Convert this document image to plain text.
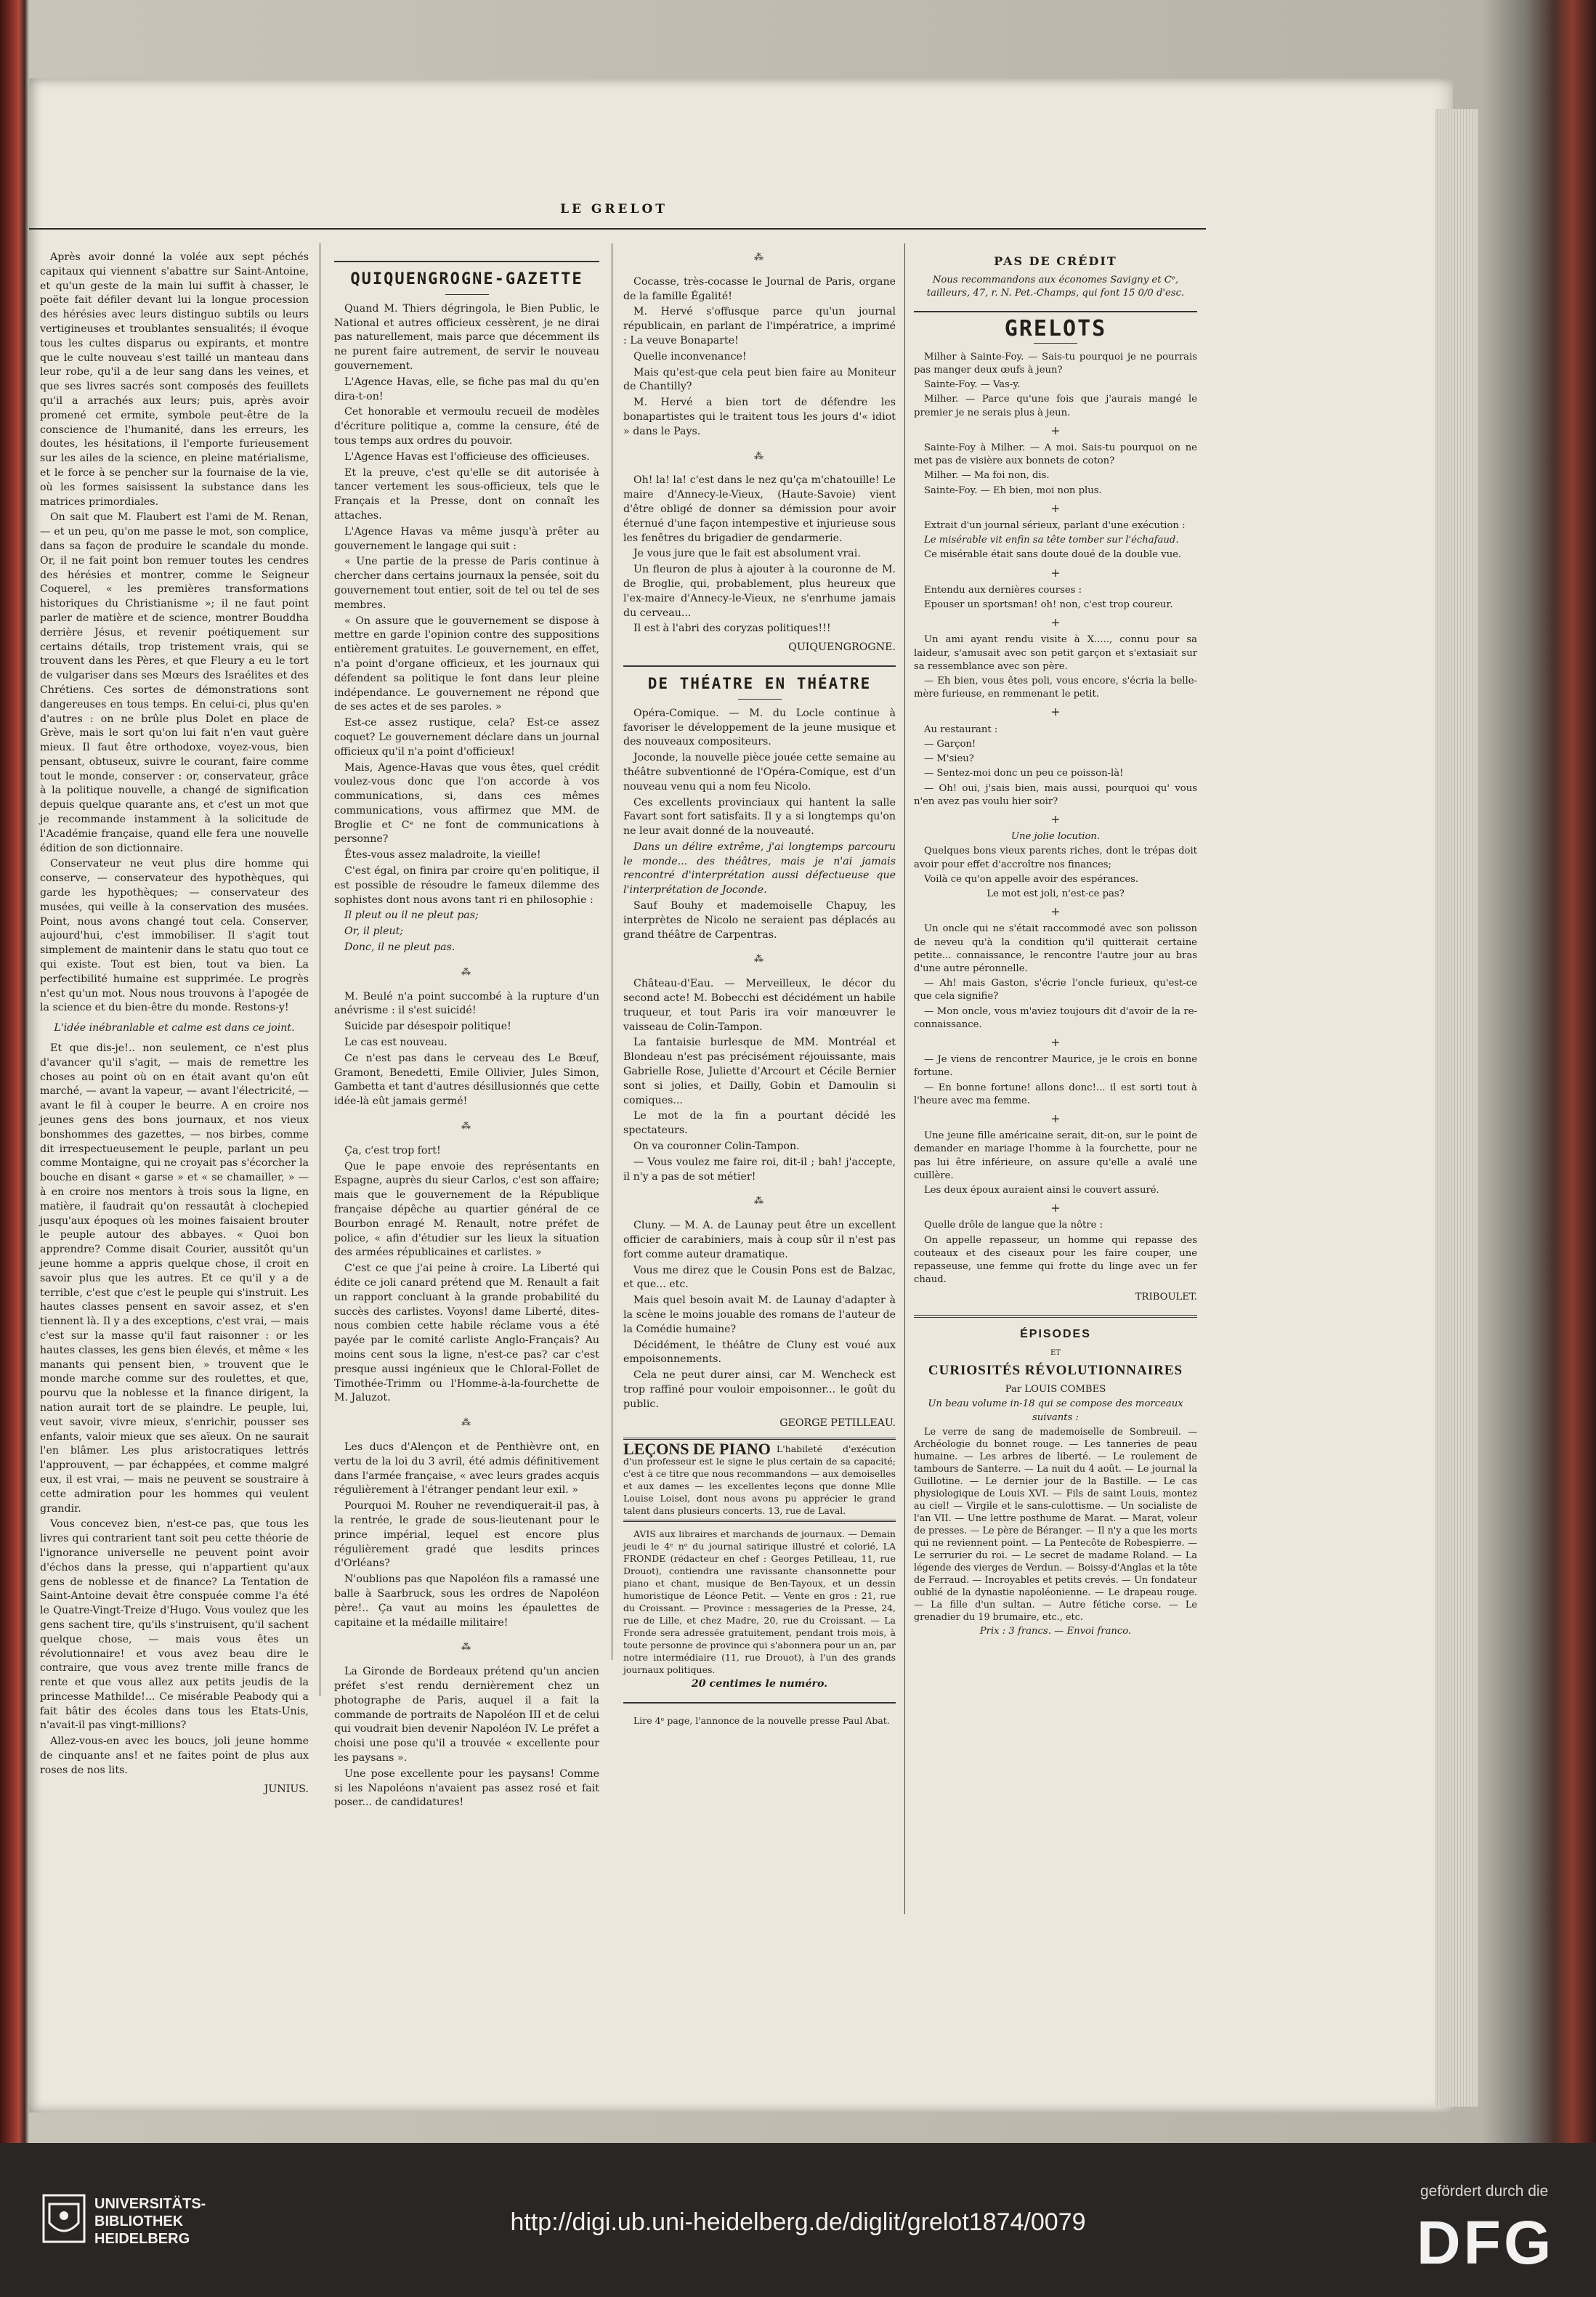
LE GRELOT

Après avoir donné la volée aux sept péchés capitaux qui viennent s'abattre sur Saint-Antoine, et qu'un geste de la main lui suffit à chasser, le poëte fait défiler devant lui la longue procession des hérésies avec leurs distinguo subtils ou leurs vertigineuses et troublantes sensualités; il évoque tous les cultes disparus ou expirants, et montre que le culte nouveau s'est taillé un manteau dans leur robe, qu'il a de leur sang dans les veines, et que ses livres sacrés sont composés des feuillets qu'il a arrachés aux leurs; puis, après avoir promené cet ermite, symbole peut-être de la conscience de l'humanité, dans les erreurs, les doutes, les hésitations, il l'emporte furieusement sur les ailes de la science, en pleine matérialisme, et le force à se pencher sur la fournaise de la vie, où les formes saisissent la substance dans les matrices primordiales.

On sait que M. Flaubert est l'ami de M. Renan, — et un peu, qu'on me passe le mot, son complice, dans sa façon de produire le scandale du monde. Or, il ne fait point bon remuer toutes les cendres des hérésies et montrer, comme le Seigneur Coquerel, « les premières transformations historiques du Christianisme »; il ne faut point parler de matière et de science, montrer Bouddha derrière Jésus, et revenir poétiquement sur certains détails, trop tristement vrais, qui se trouvent dans les Pères, et que Fleury a eu le tort de vulgariser dans ses Mœurs des Israélites et des Chrétiens. Ces sortes de démonstrations sont dangereuses en tous temps. En celui-ci, plus qu'en d'autres : on ne brûle plus Dolet en place de Grève, mais le sort qu'on lui fait n'en vaut guère mieux. Il faut être orthodoxe, voyez-vous, bien pensant, obtuseux, suivre le courant, faire comme tout le monde, conserver : or, conservateur, grâce à la politique nouvelle, a changé de signification depuis quelque quarante ans, et c'est un mot que je recommande instamment à la solicitude de l'Académie française, quand elle fera une nouvelle édition de son dictionnaire.

Conservateur ne veut plus dire homme qui conserve, — conservateur des hypothèques, qui garde les hypothèques; — conservateur des musées, qui veille à la conservation des musées. Point, nous avons changé tout cela. Conserver, aujourd'hui, c'est immobiliser. Il s'agit tout simplement de maintenir dans le statu quo tout ce qui existe. Tout est bien, tout va bien. La perfectibilité humaine est supprimée. Le progrès n'est qu'un mot. Nous nous trouvons à l'apogée de la science et du bien-être du monde. Restons-y!

L'idée inébranlable et calme est dans ce joint.

Et que dis-je!.. non seulement, ce n'est plus d'avancer qu'il s'agit, — mais de remettre les choses au point où on en était avant qu'on eût marché, — avant la vapeur, — avant l'électricité, — avant le fil à couper le beurre. A en croire nos jeunes gens des bons journaux, et nos vieux bonshommes des gazettes, — nos birbes, comme dit irrespectueusement le peuple, parlant un peu comme Montaigne, qui ne croyait pas s'écorcher la bouche en disant « garse » et « se chamailler, » — à en croire nos mentors à trois sous la ligne, en matière, il faudrait qu'on ressautât à clochepied jusqu'aux époques où les moines faisaient brouter le peuple autour des abbayes. « Quoi bon apprendre? Comme disait Courier, aussitôt qu'un jeune homme a appris quelque chose, il croit en savoir plus que les autres. Et ce qu'il y a de terrible, c'est que c'est le peuple qui s'instruit. Les hautes classes pensent en savoir assez, et s'en tiennent là. Il y a des exceptions, c'est vrai, — mais c'est sur la masse qu'il faut raisonner : or les hautes classes, les gens bien élevés, et même « les manants qui pensent bien, » trouvent que le monde marche comme sur des roulettes, et que, pourvu que la noblesse et la finance dirigent, la nation aurait tort de se plaindre. Le peuple, lui, veut savoir, vivre mieux, s'enrichir, pousser ses enfants, valoir mieux que ses aïeux. On ne saurait l'en blâmer. Les plus aristocratiques lettrés l'approuvent, — par échappées, et comme malgré eux, il est vrai, — mais ne peuvent se soustraire à cette admiration pour les hommes qui veulent grandir.

Vous concevez bien, n'est-ce pas, que tous les livres qui contrarient tant soit peu cette théorie de l'ignorance universelle ne peuvent point avoir d'échos dans la presse, qui n'appartient qu'aux gens de noblesse et de finance? La Tentation de Saint-Antoine devait être conspuée comme l'a été le Quatre-Vingt-Treize d'Hugo. Vous voulez que les gens sachent tire, qu'ils s'instruisent, qu'il sachent quelque chose, — mais vous êtes un révolutionnaire! et vous avez beau dire le contraire, que vous avez trente mille francs de rente et que vous allez aux petits jeudis de la princesse Mathilde!... Ce misérable Peabody qui a fait bâtir des écoles dans tous les Etats-Unis, n'avait-il pas vingt-millions?

Allez-vous-en avec les boucs, joli jeune homme de cinquante ans! et ne faites point de plus aux roses de nos lits.

JUNIUS.

QUIQUENGROGNE-GAZETTE

Quand M. Thiers dégringola, le Bien Public, le National et autres officieux cessèrent, je ne dirai pas naturellement, mais parce que décemment ils ne purent faire autrement, de servir le nouveau gouvernement.

L'Agence Havas, elle, se fiche pas mal du qu'en dira-t-on!

Cet honorable et vermoulu recueil de modèles d'écriture politique a, comme la censure, été de tous temps aux ordres du pouvoir.

L'Agence Havas est l'officieuse des officieuses.

Et la preuve, c'est qu'elle se dit autorisée à tancer vertement les sous-officieux, tels que le Français et la Presse, dont on connaît les attaches.

L'Agence Havas va même jusqu'à prêter au gouvernement le langage qui suit :

« Une partie de la presse de Paris continue à chercher dans certains journaux la pensée, soit du gouvernement tout entier, soit de tel ou tel de ses membres.

« On assure que le gouvernement se dispose à mettre en garde l'opinion contre des suppositions entièrement gratuites. Le gouvernement, en effet, n'a point d'organe officieux, et les journaux qui défendent sa politique le font dans leur pleine indépendance. Le gouvernement ne répond que de ses actes et de ses paroles. »

Est-ce assez rustique, cela? Est-ce assez coquet? Le gouvernement déclare dans un journal officieux qu'il n'a point d'officieux!

Mais, Agence-Havas que vous êtes, quel crédit voulez-vous donc que l'on accorde à vos communications, si, dans ces mêmes communications, vous affirmez que MM. de Broglie et Cᵉ ne font de communications à personne?

Êtes-vous assez maladroite, la vieille!

C'est égal, on finira par croire qu'en politique, il est possible de résoudre le fameux dilemme des sophistes dont nous avons tant ri en philosophie :

Il pleut ou il ne pleut pas;

Or, il pleut;

Donc, il ne pleut pas.

⁂

M. Beulé n'a point succombé à la rupture d'un anévrisme : il s'est suicidé!

Suicide par désespoir politique!

Le cas est nouveau.

Ce n'est pas dans le cerveau des Le Bœuf, Gramont, Benedetti, Emile Ollivier, Jules Simon, Gambetta et tant d'autres désillusionnés que cette idée-là eût jamais germé!

⁂

Ça, c'est trop fort!

Que le pape envoie des représentants en Espagne, auprès du sieur Carlos, c'est son affaire; mais que le gouvernement de la République française dépêche au quartier général de ce Bourbon enragé M. Renault, notre préfet de police, « afin d'étudier sur les lieux la situation des armées républicaines et carlistes. »

C'est ce que j'ai peine à croire. La Liberté qui édite ce joli canard prétend que M. Renault a fait un rapport concluant à la grande probabilité du succès des carlistes. Voyons! dame Liberté, dites-nous combien cette habile réclame vous a été payée par le comité carliste Anglo-Français? Au moins cent sous la ligne, n'est-ce pas? car c'est presque aussi ingénieux que le Chloral-Follet de Timothée-Trimm ou l'Homme-à-la-fourchette de M. Jaluzot.

⁂

Les ducs d'Alençon et de Penthièvre ont, en vertu de la loi du 3 avril, été admis définitivement dans l'armée française, « avec leurs grades acquis régulièrement à l'étranger pendant leur exil. »

Pourquoi M. Rouher ne revendiquerait-il pas, à la rentrée, le grade de sous-lieutenant pour le prince impérial, lequel est encore plus régulièrement gradé que lesdits princes d'Orléans?

N'oublions pas que Napoléon fils a ramassé une balle à Saarbruck, sous les ordres de Napoléon père!.. Ça vaut au moins les épaulettes de capitaine et la médaille militaire!

⁂

La Gironde de Bordeaux prétend qu'un ancien préfet s'est rendu dernièrement chez un photographe de Paris, auquel il a fait la commande de portraits de Napoléon III et de celui qui voudrait bien devenir Napoléon IV. Le préfet a choisi une pose qu'il a trouvée « excellente pour les paysans ».

Une pose excellente pour les paysans! Comme si les Napoléons n'avaient pas assez rosé et fait poser... de candidatures!

⁂

Cocasse, très-cocasse le Journal de Paris, organe de la famille Égalité!

M. Hervé s'offusque parce qu'un journal républicain, en parlant de l'impératrice, a imprimé : La veuve Bonaparte!

Quelle inconvenance!

Mais qu'est-que cela peut bien faire au Moniteur de Chantilly?

M. Hervé a bien tort de défendre les bonapartistes qui le traitent tous les jours d'« idiot » dans le Pays.

⁂

Oh! la! la! c'est dans le nez qu'ça m'chatouille! Le maire d'Annecy-le-Vieux, (Haute-Savoie) vient d'être obligé de donner sa démission pour avoir éternué d'une façon intempestive et injurieuse sous les fenêtres du brigadier de gendarmerie.

Je vous jure que le fait est absolument vrai.

Un fleuron de plus à ajouter à la couronne de M. de Broglie, qui, probablement, plus heureux que l'ex-maire d'Annecy-le-Vieux, ne s'enrhume jamais du cerveau...

Il est à l'abri des coryzas politiques!!!

QUIQUENGROGNE.

DE THÉATRE EN THÉATRE

Opéra-Comique. — M. du Locle continue à favoriser le développement de la jeune musique et des nouveaux compositeurs.

Joconde, la nouvelle pièce jouée cette semaine au théâtre subventionné de l'Opéra-Comique, est d'un nouveau venu qui a nom feu Nicolo.

Ces excellents provinciaux qui hantent la salle Favart sont fort satisfaits. Il y a si longtemps qu'on ne leur avait donné de la nouveauté.

Dans un délire extrême, j'ai longtemps parcouru le monde... des théâtres, mais je n'ai jamais rencontré d'interprétation aussi défectueuse que l'interprétation de Joconde.

Sauf Bouhy et mademoiselle Chapuy, les interprètes de Nicolo ne seraient pas déplacés au grand théâtre de Carpentras.

⁂

Château-d'Eau. — Merveilleux, le décor du second acte! M. Bobecchi est décidément un habile truqueur, et tout Paris ira voir manœuvrer le vaisseau de Colin-Tampon.

La fantaisie burlesque de MM. Montréal et Blondeau n'est pas précisément réjouissante, mais Gabrielle Rose, Juliette d'Arcourt et Cécile Bernier sont si jolies, et Dailly, Gobin et Damoulin si comiques...

Le mot de la fin a pourtant décidé les spectateurs.

On va couronner Colin-Tampon.

— Vous voulez me faire roi, dit-il ; bah! j'accepte, il n'y a pas de sot métier!

⁂

Cluny. — M. A. de Launay peut être un excellent officier de carabiniers, mais à coup sûr il n'est pas fort comme auteur dramatique.

Vous me direz que le Cousin Pons est de Balzac, et que... etc.

Mais quel besoin avait M. de Launay d'adapter à la scène le moins jouable des romans de l'auteur de la Comédie humaine?

Décidément, le théâtre de Cluny est voué aux empoisonnements.

Cela ne peut durer ainsi, car M. Wencheck est trop raffiné pour vouloir empoisonner... le goût du public.

GEORGE PETILLEAU.

LEÇONS DE PIANO L'habileté d'exécution d'un professeur est le signe le plus certain de sa capacité; c'est à ce titre que nous recommandons — aux demoiselles et aux dames — les excellentes leçons que donne Mlle Louise Loisel, dont nous avons pu apprécier le grand talent dans plusieurs concerts. 13, rue de Laval.

AVIS aux libraires et marchands de journaux. — Demain jeudi le 4ᵉ nᵒ du journal satirique illustré et colorié, LA FRONDE (rédacteur en chef : Georges Petilleau, 11, rue Drouot), contiendra une ravissante chansonnette pour piano et chant, musique de Ben-Tayoux, et un dessin humoristique de Léonce Petit. — Vente en gros : 21, rue du Croissant. — Province : messageries de la Presse, 24, rue de Lille, et chez Madre, 20, rue du Croissant. — La Fronde sera adressée gratuitement, pendant trois mois, à toute personne de province qui s'abonnera pour un an, par notre intermédiaire (11, rue Drouot), à l'un des grands journaux politiques.

20 centimes le numéro.

Lire 4ᵉ page, l'annonce de la nouvelle presse Paul Abat.

PAS DE CRÉDIT

Nous recommandons aux économes Savigny et Cᵉ, tailleurs, 47, r. N. Pet.-Champs, qui font 15 0/0 d'esc.

GRELOTS

Milher à Sainte-Foy. — Sais-tu pourquoi je ne pourrais pas manger deux œufs à jeun?

Sainte-Foy. — Vas-y.

Milher. — Parce qu'une fois que j'aurais mangé le premier je ne serais plus à jeun.

+

Sainte-Foy à Milher. — A moi. Sais-tu pourquoi on ne met pas de visière aux bonnets de coton?

Milher. — Ma foi non, dis.

Sainte-Foy. — Eh bien, moi non plus.

+

Extrait d'un journal sérieux, parlant d'une exécution :

Le misérable vit enfin sa tête tomber sur l'échafaud.

Ce misérable était sans doute doué de la double vue.

+

Entendu aux dernières courses :

Epouser un sportsman! oh! non, c'est trop coureur.

+

Un ami ayant rendu visite à X....., connu pour sa laideur, s'amusait avec son petit garçon et s'extasiait sur sa ressemblance avec son père.

— Eh bien, vous êtes poli, vous encore, s'écria la belle-mère furieuse, en remmenant le petit.

+

Au restaurant :

— Garçon!

— M'sieu?

— Sentez-moi donc un peu ce poisson-là!

— Oh! oui, j'sais bien, mais aussi, pourquoi qu' vous n'en avez pas voulu hier soir?

+

Une jolie locution.

Quelques bons vieux parents riches, dont le trépas doit avoir pour effet d'accroître nos finances;

Voilà ce qu'on appelle avoir des espérances.

Le mot est joli, n'est-ce pas?

+

Un oncle qui ne s'était raccommodé avec son polisson de neveu qu'à la condition qu'il quitterait certaine petite... connaissance, le rencontre l'autre jour au bras d'une autre péronnelle.

— Ah! mais Gaston, s'écrie l'oncle furieux, qu'est-ce que cela signifie?

— Mon oncle, vous m'aviez toujours dit d'avoir de la re-connaissance.

+

— Je viens de rencontrer Maurice, je le crois en bonne fortune.

— En bonne fortune! allons donc!... il est sorti tout à l'heure avec ma femme.

+

Une jeune fille américaine serait, dit-on, sur le point de demander en mariage l'homme à la fourchette, pour ne pas lui être inférieure, on assure qu'elle a avalé une cuillère.

Les deux époux auraient ainsi le couvert assuré.

+

Quelle drôle de langue que la nôtre :

On appelle repasseur, un homme qui repasse des couteaux et des ciseaux pour les faire couper, une repasseuse, une femme qui frotte du linge avec un fer chaud.

TRIBOULET.

ÉPISODES

ET

CURIOSITÉS RÉVOLUTIONNAIRES

Par LOUIS COMBES

Un beau volume in-18 qui se compose des morceaux suivants :

Le verre de sang de mademoiselle de Sombreuil. — Archéologie du bonnet rouge. — Les tanneries de peau humaine. — Les arbres de liberté. — Le roulement de tambours de Santerre. — La nuit du 4 août. — Le journal la Guillotine. — Le dernier jour de la Bastille. — Le cas physiologique de Louis XVI. — Fils de saint Louis, montez au ciel! — Virgile et le sans-culottisme. — Un socialiste de l'an VII. — Une lettre posthume de Marat. — Marat, voleur de presses. — Le père de Béranger. — Il n'y a que les morts qui ne reviennent point. — La Pentecôte de Robespierre. — Le serrurier du roi. — Le secret de madame Roland. — La légende des vierges de Verdun. — Boissy-d'Anglas et la tête de Ferraud. — Incroyables et petits crevés. — Un fondateur oublié de la dynastie napoléonienne. — Le drapeau rouge. — La fille d'un sultan. — Autre fétiche corse. — Le grenadier du 19 brumaire, etc., etc.

Prix : 3 francs. — Envoi franco.

UNIVERSITÄTS-
BIBLIOTHEK
HEIDELBERG
http://digi.ub.uni-heidelberg.de/diglit/grelot1874/0079
gefördert durch die
DFG
